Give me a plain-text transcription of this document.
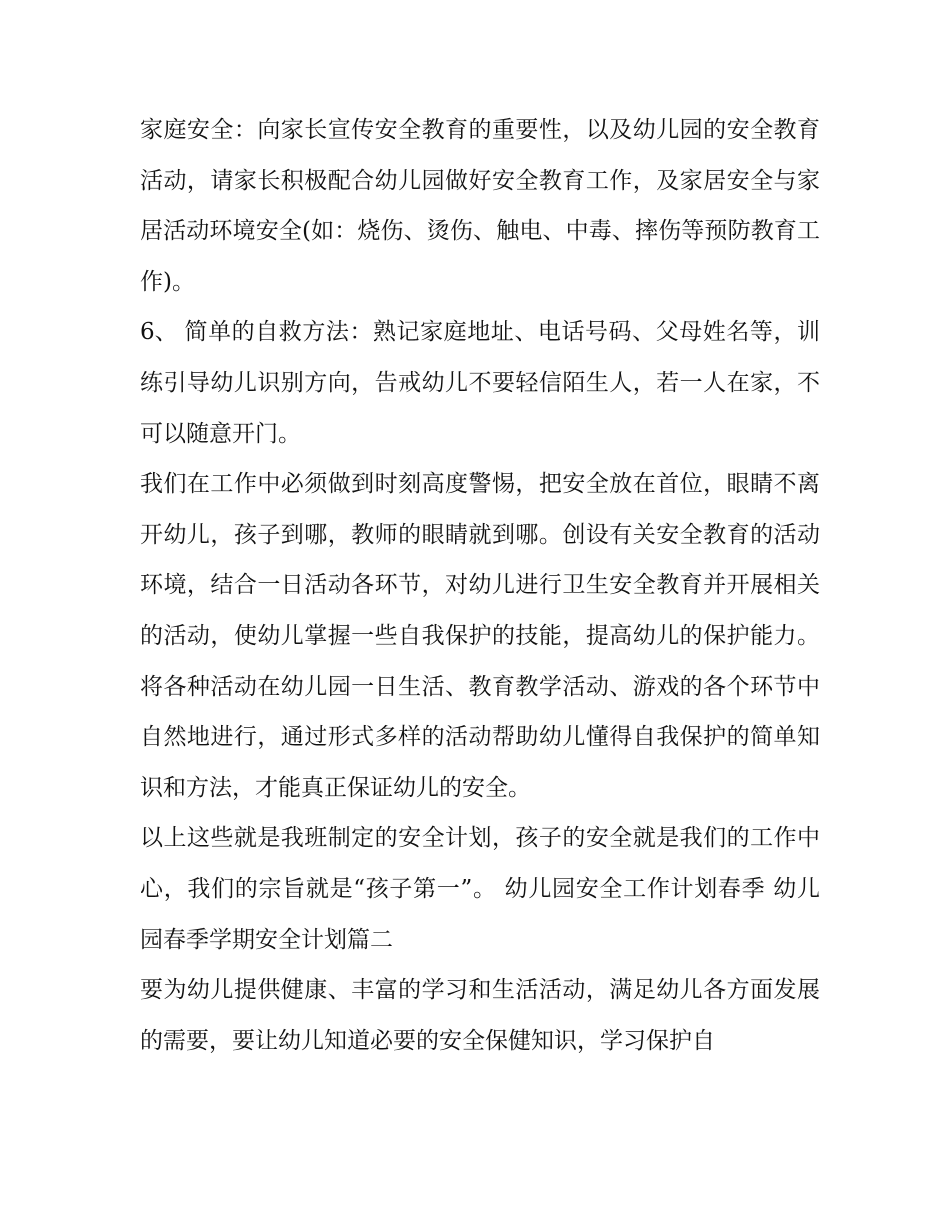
家庭安全：向家长宣传安全教育的重要性，以及幼儿园的安全教育活动，请家长积极配合幼儿园做好安全教育工作，及家居安全与家居活动环境安全(如：烧伤、烫伤、触电、中毒、摔伤等预防教育工作)。

6、 简单的自救方法：熟记家庭地址、电话号码、父母姓名等，训练引导幼儿识别方向，告戒幼儿不要轻信陌生人，若一人在家，不可以随意开门。

我们在工作中必须做到时刻高度警惕，把安全放在首位，眼睛不离开幼儿，孩子到哪，教师的眼睛就到哪。创设有关安全教育的活动环境，结合一日活动各环节，对幼儿进行卫生安全教育并开展相关的活动，使幼儿掌握一些自我保护的技能，提高幼儿的保护能力。将各种活动在幼儿园一日生活、教育教学活动、游戏的各个环节中自然地进行，通过形式多样的活动帮助幼儿懂得自我保护的简单知识和方法，才能真正保证幼儿的安全。

以上这些就是我班制定的安全计划，孩子的安全就是我们的工作中心，我们的宗旨就是“孩子第一”。 幼儿园安全工作计划春季 幼儿园春季学期安全计划篇二

要为幼儿提供健康、丰富的学习和生活活动，满足幼儿各方面发展的需要，要让幼儿知道必要的安全保健知识，学习保护自
